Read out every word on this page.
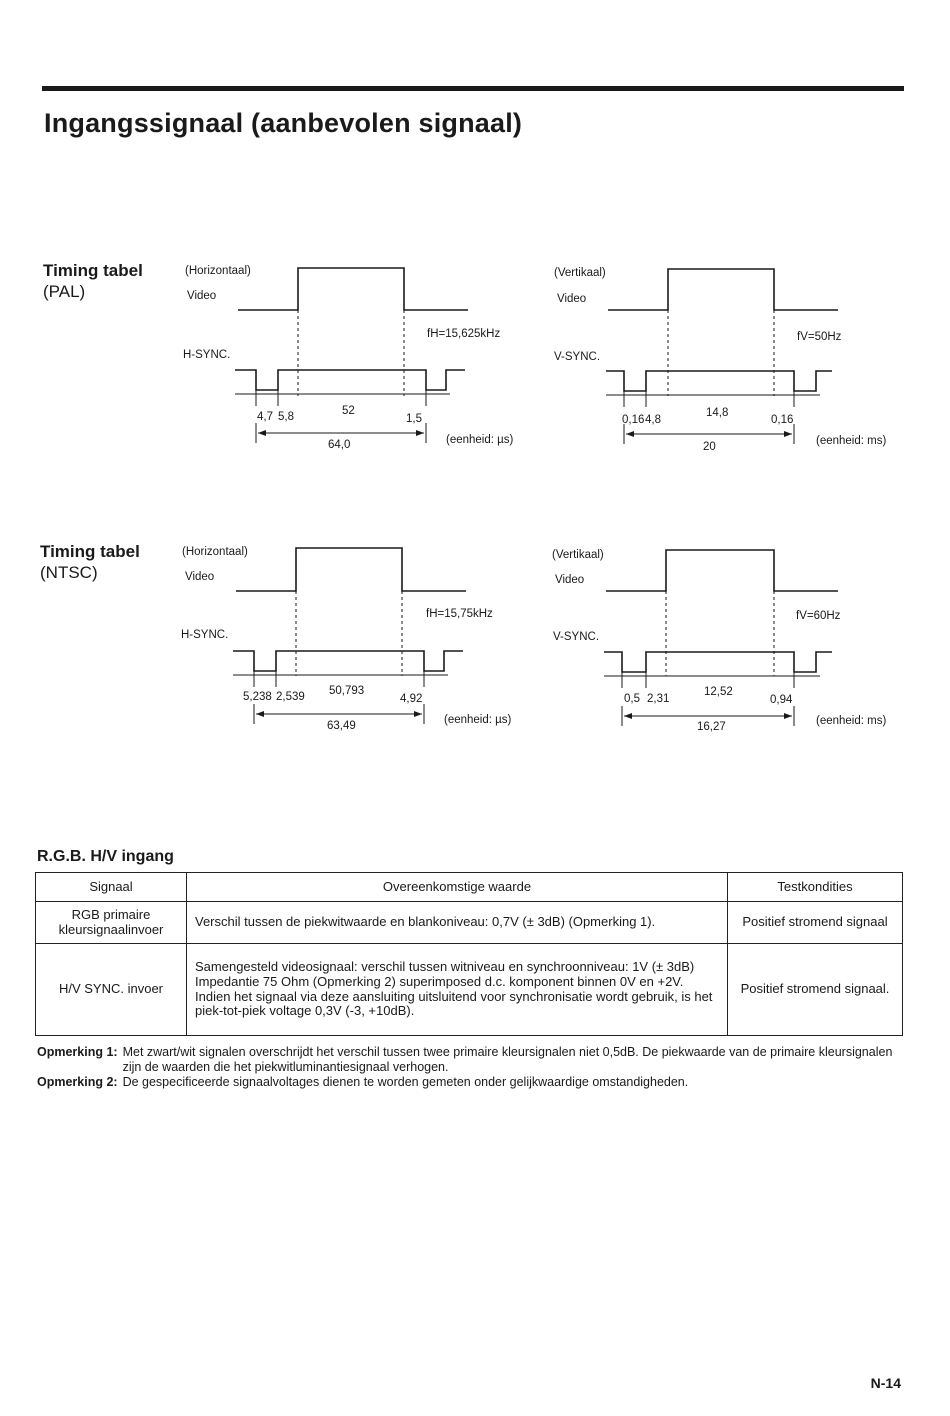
Ingangssignaal (aanbevolen signaal)
Timing tabel
(PAL)
(Horizontaal)
Video
fH=15,625kHz
H-SYNC.
4,7 5,8	52
1,5
64,0	(eenheid: µs)
(Vertikaal)
Video
fV=50Hz
V-SYNC.
0,16 4,8
14,8
0,16
20	(eenheid: ms)
Timing tabel
(NTSC)
(Horizontaal)
Video
fH=15,75kHz
H-SYNC.
5,238 2,539 50,793
4,92
63,49	(eenheid: µs)
(Vertikaal)
Video
fV=60Hz
V-SYNC.
0,5 2,31
12,52
0,94
16,27	(eenheid: ms)
R.G.B. H/V ingang
Signaal	Overeenkomstige waarde	Testkondities
RGB primaire kleursignaalinvoer	Verschil tussen de piekwitwaarde en blankoniveau: 0,7V (± 3dB) (Opmerking 1).	Positief stromend signaal
H/V SYNC. invoer	Samengesteld videosignaal: verschil tussen witniveau en synchroonniveau: 1V (± 3dB) Impedantie 75 Ohm (Opmerking 2) superimposed d.c. komponent binnen 0V en +2V. Indien het signaal via deze aansluiting uitsluitend voor synchronisatie wordt gebruik, is het piek-tot-piek voltage 0,3V (-3, +10dB).	Positief stromend signaal.
Opmerking 1: Met zwart/wit signalen overschrijdt het verschil tussen twee primaire kleursignalen niet 0,5dB. De piekwaarde van de primaire kleursignalen zijn de waarden die het piekwitluminantiesignaal verhogen.
Opmerking 2: De gespecificeerde signaalvoltages dienen te worden gemeten onder gelijkwaardige omstandigheden.
N-14
